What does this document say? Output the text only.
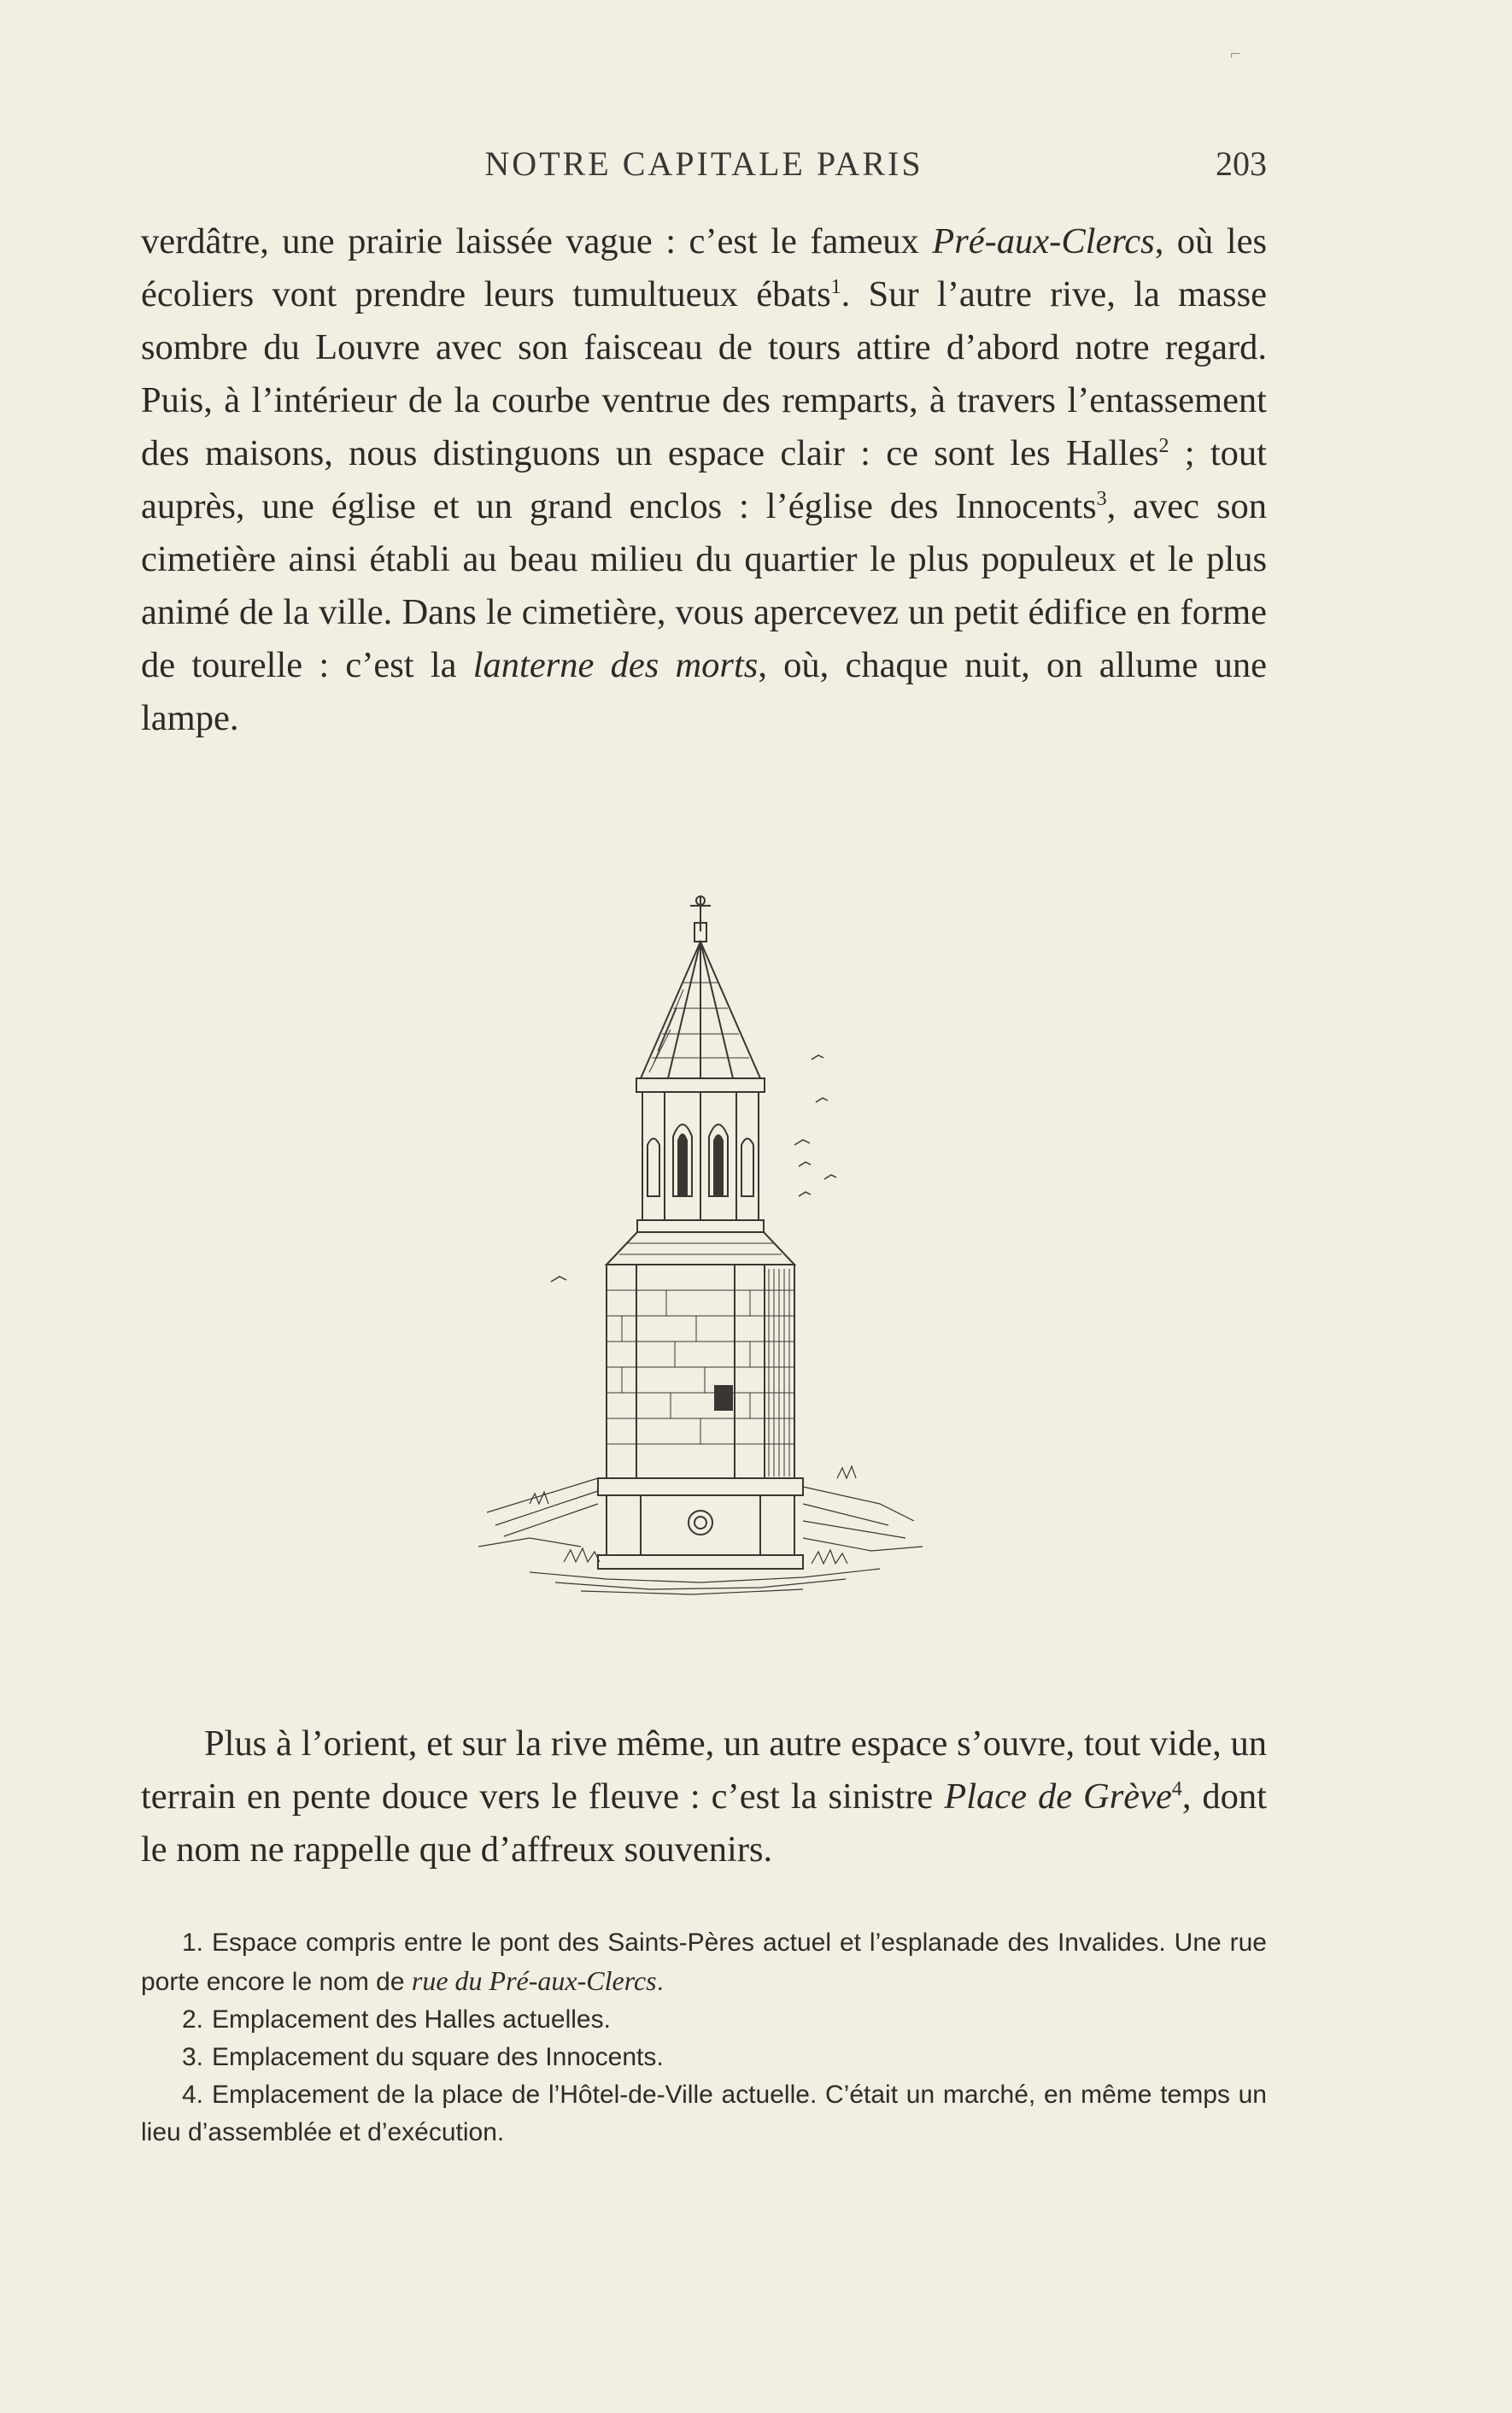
⌐
NOTRE CAPITALE PARIS	203

verdâtre, une prairie laissée vague : c’est le fameux Pré-aux-Clercs, où les écoliers vont prendre leurs tumultueux ébats$^1$. Sur l’autre rive, la masse sombre du Louvre avec son faisceau de tours attire d’abord notre regard. Puis, à l’intérieur de la courbe ventrue des remparts, à travers l’entassement des maisons, nous distinguons un espace clair : ce sont les Halles$^2$ ; tout auprès, une église et un grand enclos : l’église des Innocents$^3$, avec son cimetière ainsi établi au beau milieu du quartier le plus populeux et le plus animé de la ville. Dans le cimetière, vous apercevez un petit édifice en forme de tourelle : c’est la lanterne des morts, où, chaque nuit, on allume une lampe.

Plus à l’orient, et sur la rive même, un autre espace s’ouvre, tout vide, un terrain en pente douce vers le fleuve : c’est la sinistre Place de Grève$^4$, dont le nom ne rappelle que d’affreux souvenirs.

1. Espace compris entre le pont des Saints-Pères actuel et l’esplanade des Invalides. Une rue porte encore le nom de rue du Pré-aux-Clercs.

2. Emplacement des Halles actuelles.

3. Emplacement du square des Innocents.

4. Emplacement de la place de l’Hôtel-de-Ville actuelle. C’était un marché, en même temps un lieu d’assemblée et d’exécution.
